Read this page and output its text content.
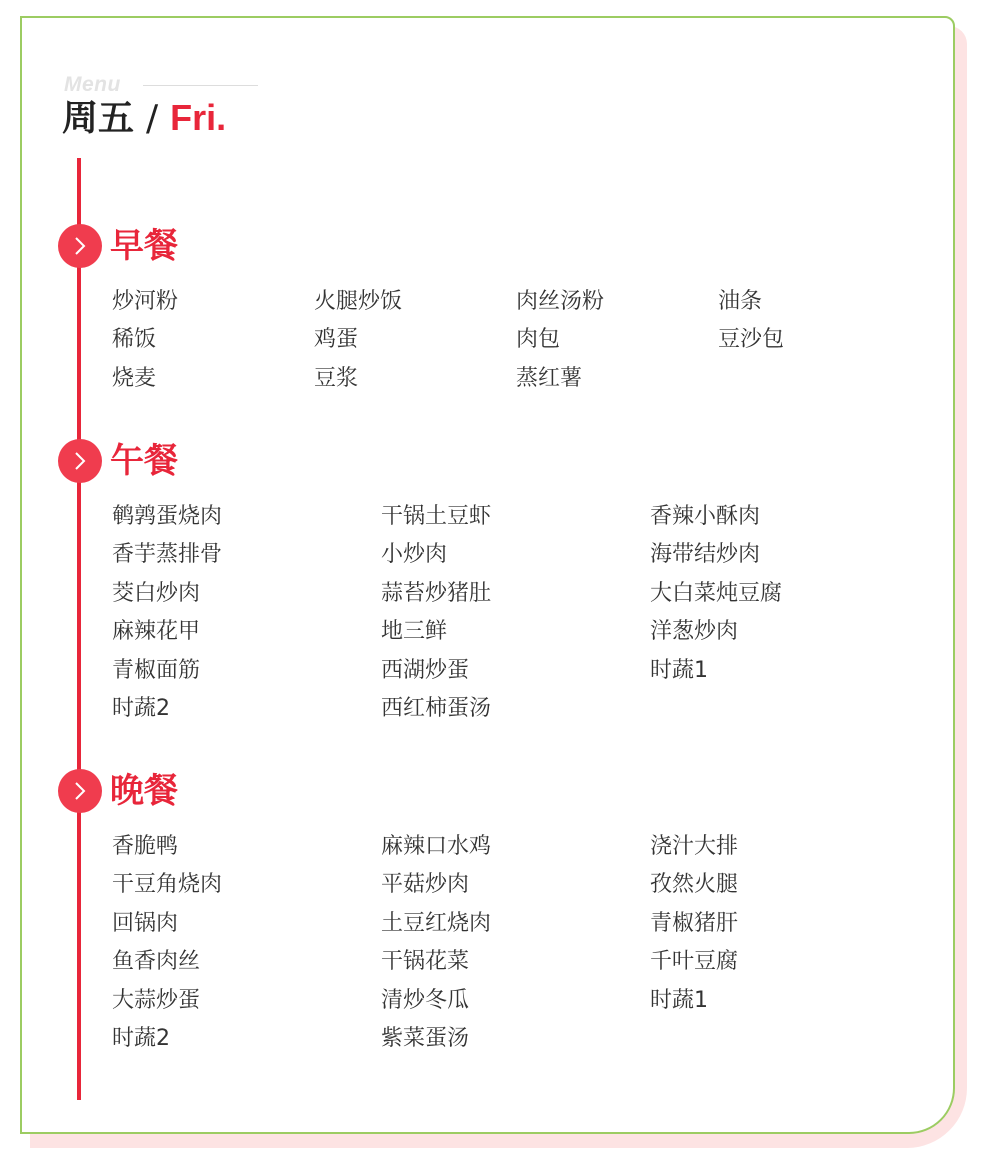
Menu
周五 / Fri.
早餐
炒河粉	火腿炒饭	肉丝汤粉	油条
稀饭	鸡蛋	肉包	豆沙包
烧麦	豆浆	蒸红薯
午餐
鹌鹑蛋烧肉	干锅土豆虾	香辣小酥肉
香芋蒸排骨	小炒肉	海带结炒肉
茭白炒肉	蒜苔炒猪肚	大白菜炖豆腐
麻辣花甲	地三鲜	洋葱炒肉
青椒面筋	西湖炒蛋	时蔬1
时蔬2	西红柿蛋汤
晚餐
香脆鸭	麻辣口水鸡	浇汁大排
干豆角烧肉	平菇炒肉	孜然火腿
回锅肉	土豆红烧肉	青椒猪肝
鱼香肉丝	干锅花菜	千叶豆腐
大蒜炒蛋	清炒冬瓜	时蔬1
时蔬2	紫菜蛋汤
